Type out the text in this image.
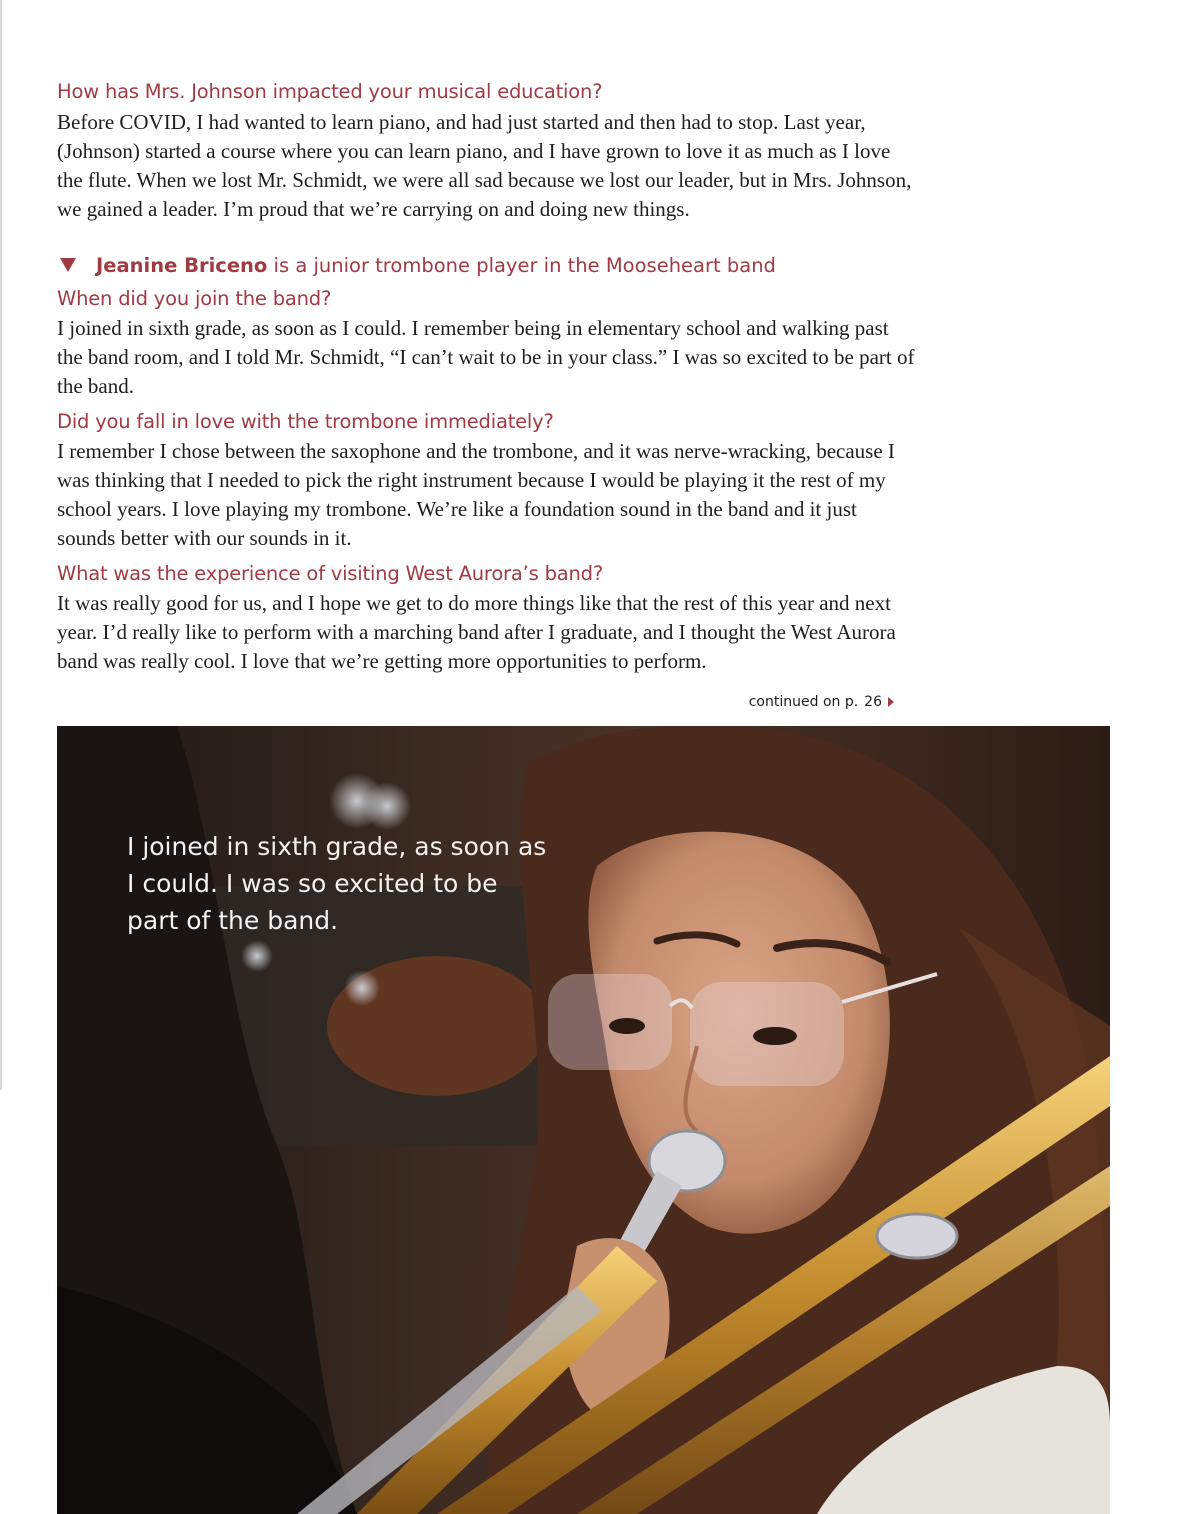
How has Mrs. Johnson impacted your musical education?
Before COVID, I had wanted to learn piano, and had just started and then had to stop. Last year, (Johnson) started a course where you can learn piano, and I have grown to love it as much as I love the flute. When we lost Mr. Schmidt, we were all sad because we lost our leader, but in Mrs. Johnson, we gained a leader. I’m proud that we’re carrying on and doing new things.
Jeanine Briceno is a junior trombone player in the Mooseheart band
When did you join the band?
I joined in sixth grade, as soon as I could. I remember being in elementary school and walking past the band room, and I told Mr. Schmidt, “I can’t wait to be in your class.” I was so excited to be part of the band.
Did you fall in love with the trombone immediately?
I remember I chose between the saxophone and the trombone, and it was nerve-wracking, because I was thinking that I needed to pick the right instrument because I would be playing it the rest of my school years. I love playing my trombone. We’re like a foundation sound in the band and it just sounds better with our sounds in it.
What was the experience of visiting West Aurora’s band?
It was really good for us, and I hope we get to do more things like that the rest of this year and next year. I’d really like to perform with a marching band after I graduate, and I thought the West Aurora band was really cool. I love that we’re getting more opportunities to perform.
continued on p. 26
I joined in sixth grade, as soon as I could. I was so excited to be part of the band.
